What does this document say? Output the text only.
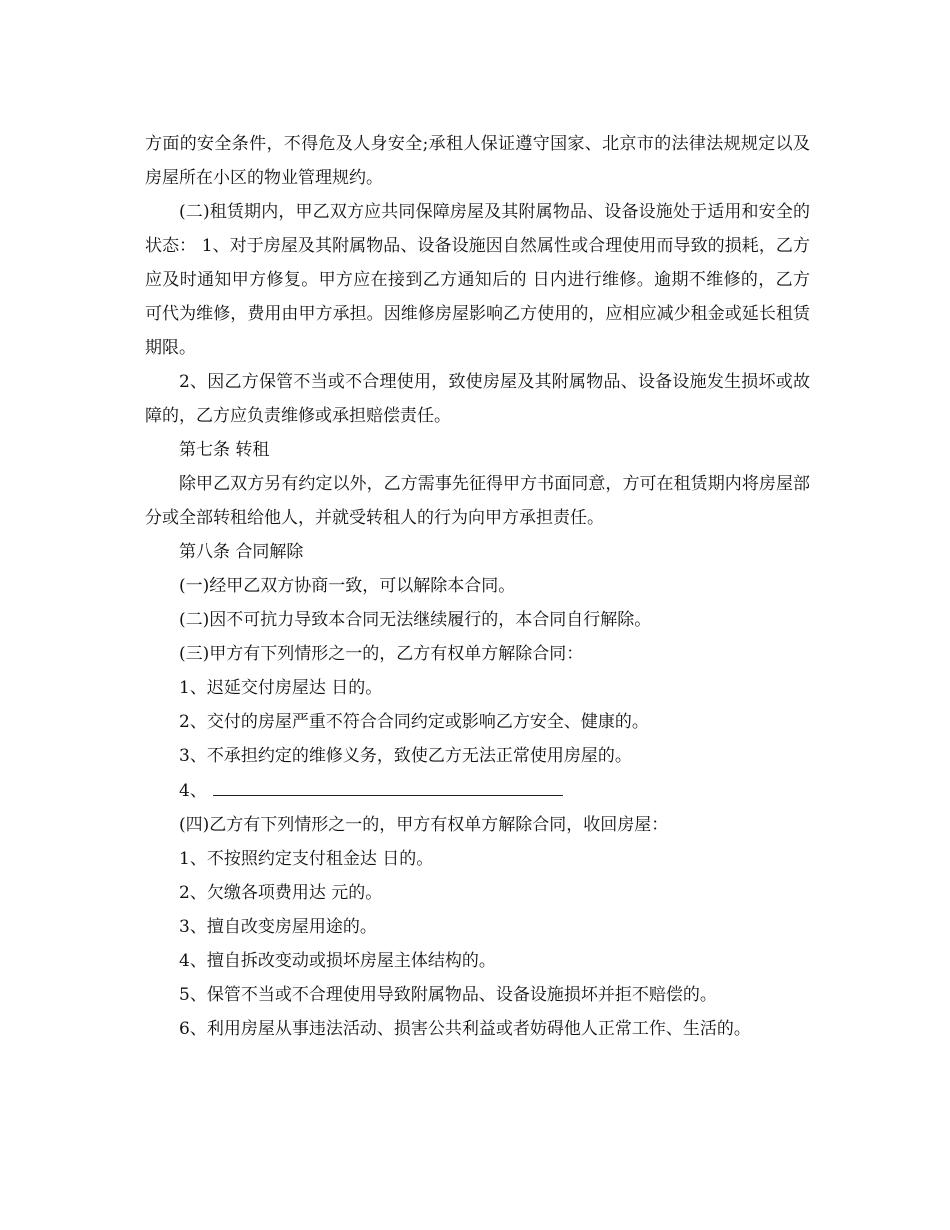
方面的安全条件，不得危及人身安全;承租人保证遵守国家、北京市的法律法规规定以及房屋所在小区的物业管理规约。

(二)租赁期内，甲乙双方应共同保障房屋及其附属物品、设备设施处于适用和安全的状态： 1、对于房屋及其附属物品、设备设施因自然属性或合理使用而导致的损耗，乙方应及时通知甲方修复。甲方应在接到乙方通知后的 日内进行维修。逾期不维修的，乙方可代为维修，费用由甲方承担。因维修房屋影响乙方使用的，应相应减少租金或延长租赁期限。

2、因乙方保管不当或不合理使用，致使房屋及其附属物品、设备设施发生损坏或故障的，乙方应负责维修或承担赔偿责任。

第七条 转租

除甲乙双方另有约定以外，乙方需事先征得甲方书面同意，方可在租赁期内将房屋部分或全部转租给他人，并就受转租人的行为向甲方承担责任。

第八条 合同解除

(一)经甲乙双方协商一致，可以解除本合同。

(二)因不可抗力导致本合同无法继续履行的，本合同自行解除。

(三)甲方有下列情形之一的，乙方有权单方解除合同：

1、迟延交付房屋达 日的。

2、交付的房屋严重不符合合同约定或影响乙方安全、健康的。

3、不承担约定的维修义务，致使乙方无法正常使用房屋的。

4、

(四)乙方有下列情形之一的，甲方有权单方解除合同，收回房屋：

1、不按照约定支付租金达 日的。

2、欠缴各项费用达 元的。

3、擅自改变房屋用途的。

4、擅自拆改变动或损坏房屋主体结构的。

5、保管不当或不合理使用导致附属物品、设备设施损坏并拒不赔偿的。

6、利用房屋从事违法活动、损害公共利益或者妨碍他人正常工作、生活的。
